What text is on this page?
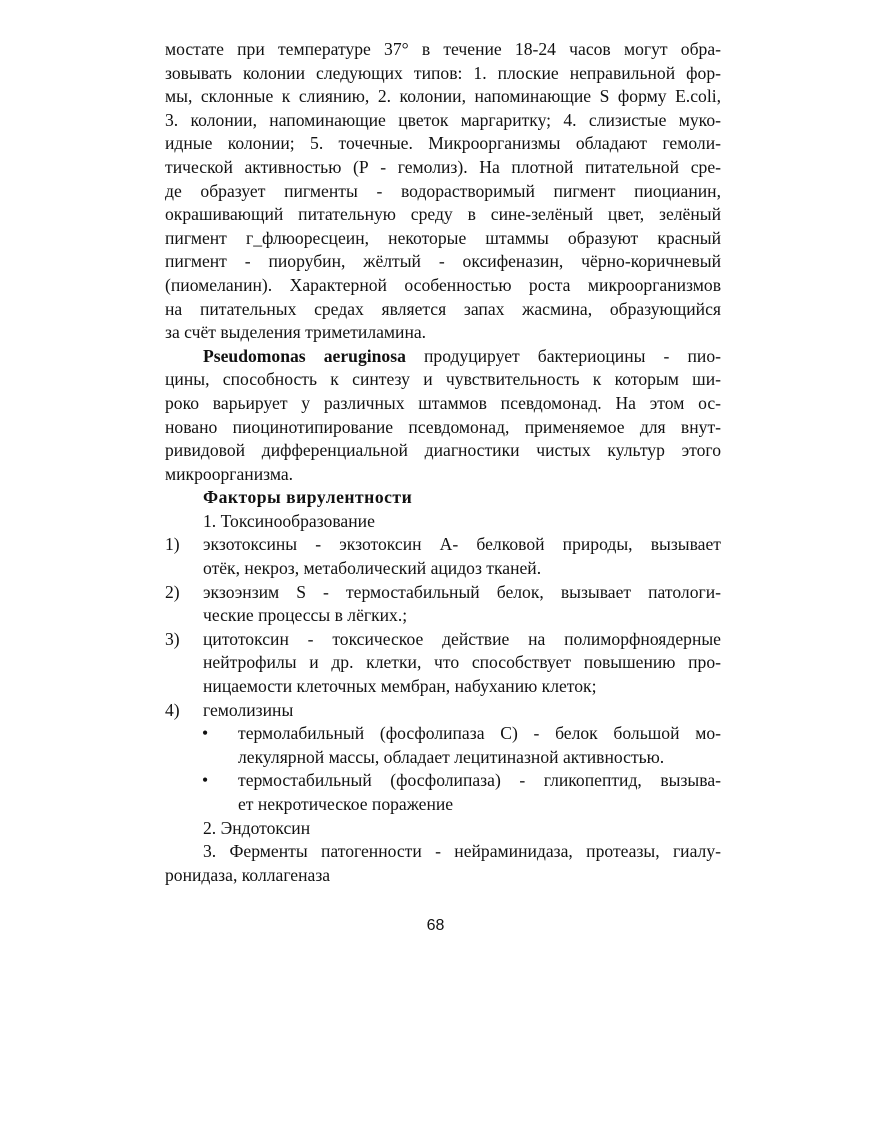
мостате при температуре 37° в течение 18-24 часов могут обра-
зовывать колонии следующих типов: 1. плоские неправильной фор-
мы, склонные к слиянию, 2. колонии, напоминающие S форму E.coli,
3. колонии, напоминающие цветок маргаритку; 4. слизистые муко-
идные колонии; 5. точечные. Микроорганизмы обладают гемоли-
тической активностью (Р - гемолиз). На плотной питательной сре-
де образует пигменты - водорастворимый пигмент пиоцианин,
окрашивающий питательную среду в сине-зелёный цвет, зелёный
пигмент г_флюоресцеин, некоторые штаммы образуют красный
пигмент - пиорубин, жёлтый - оксифеназин, чёрно-коричневый
(пиомеланин). Характерной особенностью роста микроорганизмов
на питательных средах является запах жасмина, образующийся
за счёт выделения триметиламина.
Pseudomonas aeruginosa продуцирует бактериоцины - пио-
цины, способность к синтезу и чувствительность к которым ши-
роко варьирует у различных штаммов псевдомонад. На этом ос-
новано пиоцинотипирование псевдомонад, применяемое для внут-
ривидовой дифференциальной диагностики чистых культур этого
микроорганизма.
Факторы вирулентности
1. Токсинообразование
1) экзотоксины - экзотоксин А- белковой природы, вызывает
отёк, некроз, метаболический ацидоз тканей.
2) экзоэнзим S - термостабильный белок, вызывает патологи-
ческие процессы в лёгких.;
3) цитотоксин - токсическое действие на полиморфноядерные
нейтрофилы и др. клетки, что способствует повышению про-
ницаемости клеточных мембран, набуханию клеток;
4) гемолизины
• термолабильный (фосфолипаза С) - белок большой мо-
лекулярной массы, обладает лецитиназной активностью.
• термостабильный (фосфолипаза) - гликопептид, вызыва-
ет некротическое поражение
2. Эндотоксин
3. Ферменты патогенности - нейраминидаза, протеазы, гиалу-
ронидаза, коллагеназа
68
